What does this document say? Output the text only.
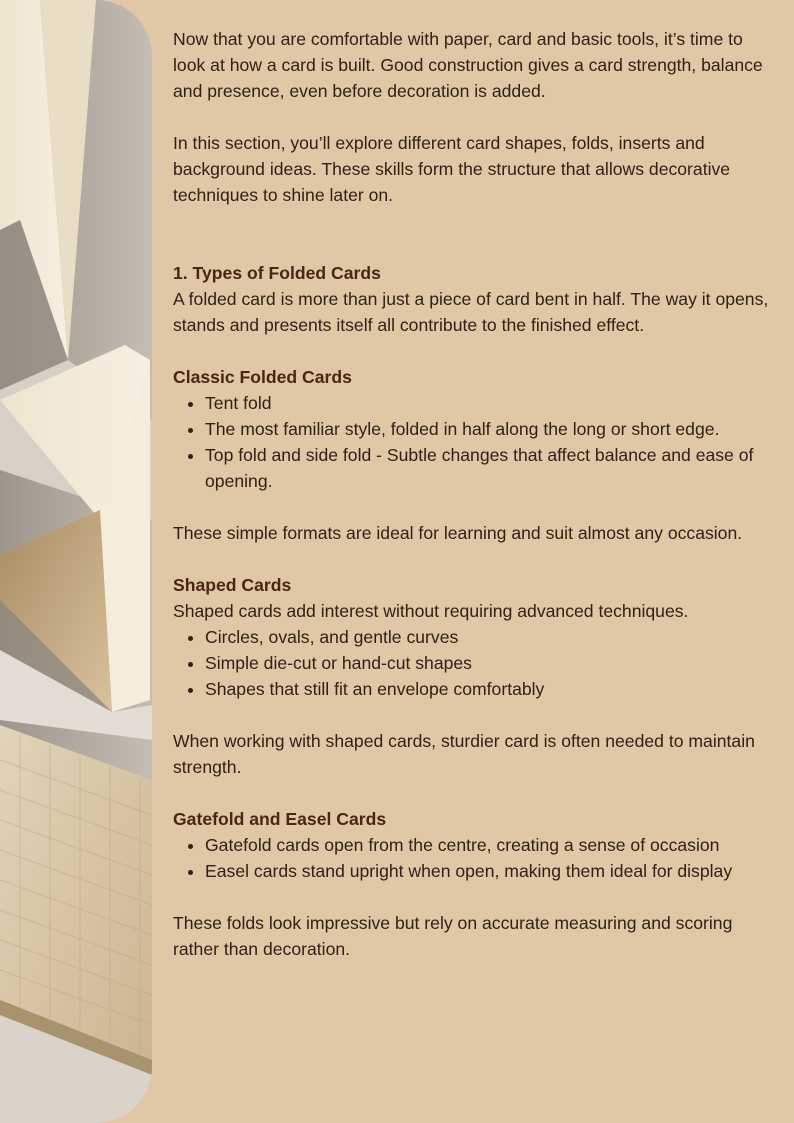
Now that you are comfortable with paper, card and basic tools, it’s time to look at how a card is built. Good construction gives a card strength, balance and presence, even before decoration is added.

In this section, you’ll explore different card shapes, folds, inserts and background ideas. These skills form the structure that allows decorative techniques to shine later on.

1. Types of Folded Cards

A folded card is more than just a piece of card bent in half. The way it opens, stands and presents itself all contribute to the finished effect.

Classic Folded Cards

• Tent fold
• The most familiar style, folded in half along the long or short edge.
• Top fold and side fold - Subtle changes that affect balance and ease of opening.

These simple formats are ideal for learning and suit almost any occasion.

Shaped Cards

Shaped cards add interest without requiring advanced techniques.

• Circles, ovals, and gentle curves
• Simple die-cut or hand-cut shapes
• Shapes that still fit an envelope comfortably

When working with shaped cards, sturdier card is often needed to maintain strength.

Gatefold and Easel Cards

• Gatefold cards open from the centre, creating a sense of occasion
• Easel cards stand upright when open, making them ideal for display

These folds look impressive but rely on accurate measuring and scoring rather than decoration.
